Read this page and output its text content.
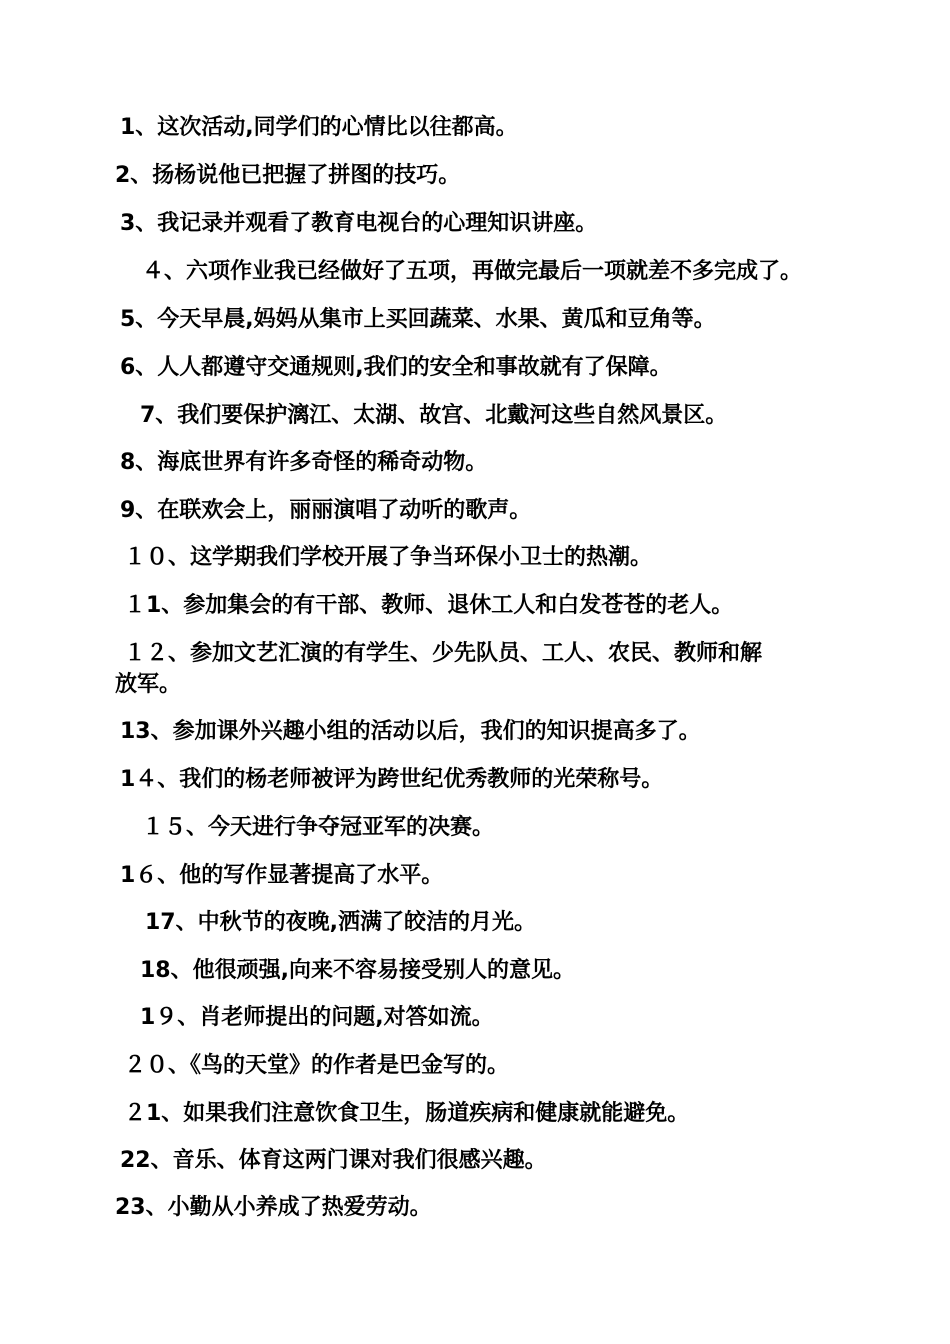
1、这次活动,同学们的心情比以往都高。
2、扬杨说他已把握了拼图的技巧。
3、我记录并观看了教育电视台的心理知识讲座。
４、六项作业我已经做好了五项，再做完最后一项就差不多完成了。
5、今天早晨,妈妈从集市上买回蔬菜、水果、黄瓜和豆角等。
6、人人都遵守交通规则,我们的安全和事故就有了保障。
7、我们要保护漓江、太湖、故宫、北戴河这些自然风景区。
8、海底世界有许多奇怪的稀奇动物。
9、在联欢会上，丽丽演唱了动听的歌声。
１０、这学期我们学校开展了争当环保小卫士的热潮。
１1、参加集会的有干部、教师、退休工人和白发苍苍的老人。
１２、参加文艺汇演的有学生、少先队员、工人、农民、教师和解
放军。
13、参加课外兴趣小组的活动以后，我们的知识提高多了。
1４、我们的杨老师被评为跨世纪优秀教师的光荣称号。
１５、今天进行争夺冠亚军的决赛。
1６、他的写作显著提高了水平。
17、中秋节的夜晚,洒满了皎洁的月光。
18、他很顽强,向来不容易接受别人的意见。
1９、肖老师提出的问题,对答如流。
２０、《鸟的天堂》的作者是巴金写的。
２1、如果我们注意饮食卫生，肠道疾病和健康就能避免。
22、音乐、体育这两门课对我们很感兴趣。
23、小勤从小养成了热爱劳动。
